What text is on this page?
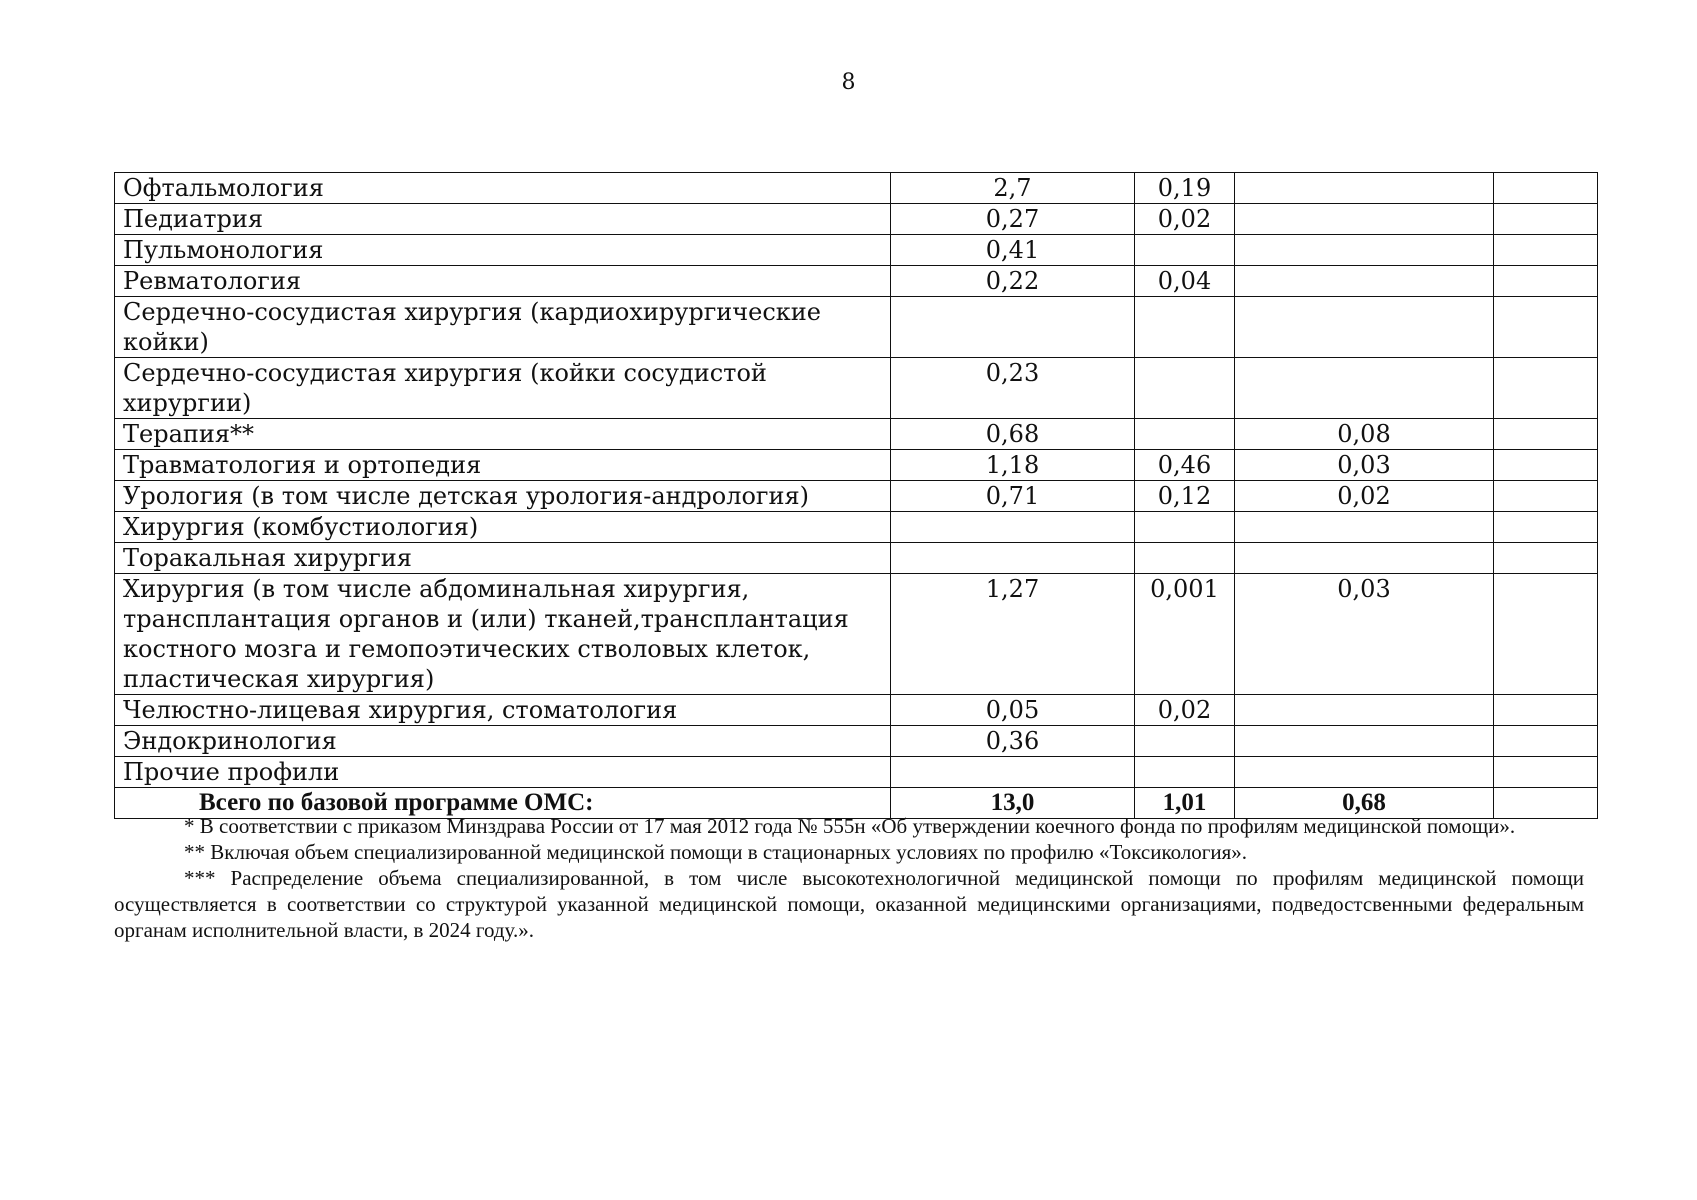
8
Офтальмология	2,7	0,19		
Педиатрия	0,27	0,02		
Пульмонология	0,41			
Ревматология	0,22	0,04		
Сердечно-сосудистая хирургия (кардиохирургические койки)				
Сердечно-сосудистая хирургия (койки сосудистой хирургии)	0,23			
Терапия**	0,68		0,08	
Травматология и ортопедия	1,18	0,46	0,03	
Урология (в том числе детская урология-андрология)	0,71	0,12	0,02	
Хирургия (комбустиология)				
Торакальная хирургия				
Хирургия (в том числе абдоминальная хирургия, трансплантация органов и (или) тканей,трансплантация костного мозга и гемопоэтических стволовых клеток, пластическая хирургия)	1,27	0,001	0,03	
Челюстно-лицевая хирургия, стоматология	0,05	0,02		
Эндокринология	0,36			
Прочие профили				
Всего по базовой программе ОМС:	13,0	1,01	0,68	

* В соответствии с приказом Минздрава России от 17 мая 2012 года № 555н «Об утверждении коечного фонда по профилям медицинской помощи».

** Включая объем специализированной медицинской помощи в стационарных условиях по профилю «Токсикология».

*** Распределение объема специализированной, в том числе высокотехнологичной медицинской помощи по профилям медицинской помощи осуществляется в соответствии со структурой указанной медицинской помощи, оказанной медицинскими организациями, подведостсвенными федеральным органам исполнительной власти, в 2024 году.».
